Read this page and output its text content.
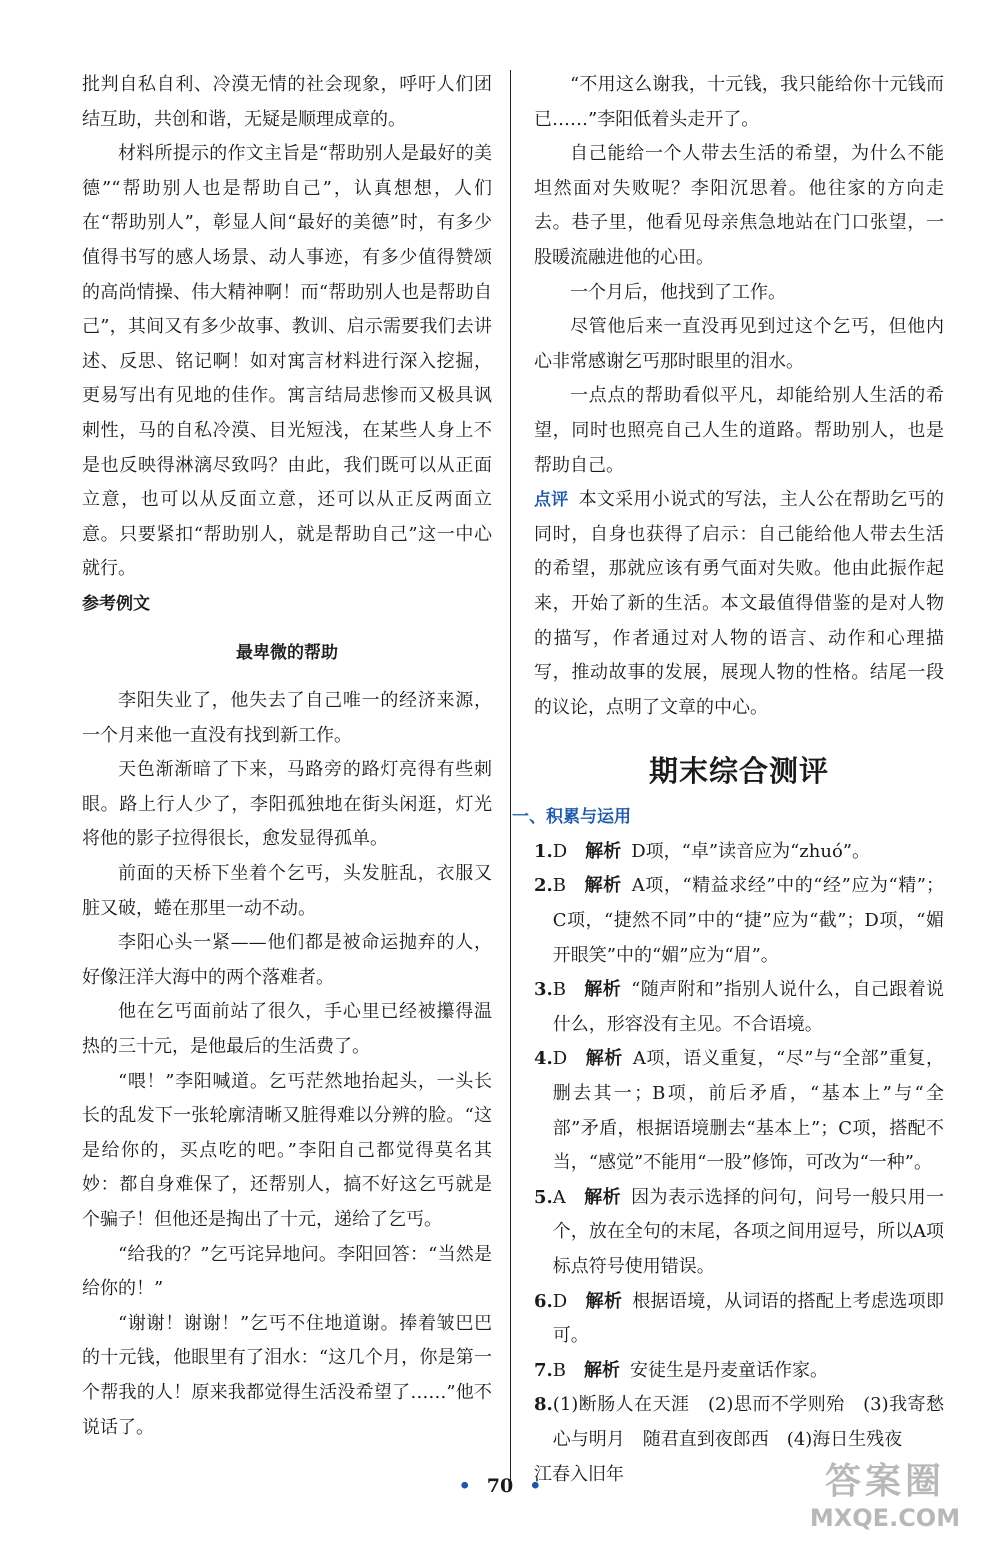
批判自私自利、冷漠无情的社会现象，呼吁人们团结互助，共创和谐，无疑是顺理成章的。

材料所提示的作文主旨是“帮助别人是最好的美德”“帮助别人也是帮助自己”，认真想想，人们在“帮助别人”，彰显人间“最好的美德”时，有多少值得书写的感人场景、动人事迹，有多少值得赞颂的高尚情操、伟大精神啊！而“帮助别人也是帮助自己”，其间又有多少故事、教训、启示需要我们去讲述、反思、铭记啊！如对寓言材料进行深入挖掘，更易写出有见地的佳作。寓言结局悲惨而又极具讽刺性，马的自私冷漠、目光短浅，在某些人身上不是也反映得淋漓尽致吗？由此，我们既可以从正面立意，也可以从反面立意，还可以从正反两面立意。只要紧扣“帮助别人，就是帮助自己”这一中心就行。

参考例文
最卑微的帮助

李阳失业了，他失去了自己唯一的经济来源，一个月来他一直没有找到新工作。

天色渐渐暗了下来，马路旁的路灯亮得有些刺眼。路上行人少了，李阳孤独地在街头闲逛，灯光将他的影子拉得很长，愈发显得孤单。

前面的天桥下坐着个乞丐，头发脏乱，衣服又脏又破，蜷在那里一动不动。

李阳心头一紧——他们都是被命运抛弃的人，好像汪洋大海中的两个落难者。

他在乞丐面前站了很久，手心里已经被攥得温热的三十元，是他最后的生活费了。

“喂！”李阳喊道。乞丐茫然地抬起头，一头长长的乱发下一张轮廓清晰又脏得难以分辨的脸。“这是给你的，买点吃的吧。”李阳自己都觉得莫名其妙：都自身难保了，还帮别人，搞不好这乞丐就是个骗子！但他还是掏出了十元，递给了乞丐。

“给我的？”乞丐诧异地问。李阳回答：“当然是给你的！”

“谢谢！谢谢！”乞丐不住地道谢。捧着皱巴巴的十元钱，他眼里有了泪水：“这几个月，你是第一个帮我的人！原来我都觉得生活没希望了……”他不说话了。

“不用这么谢我，十元钱，我只能给你十元钱而已……”李阳低着头走开了。

自己能给一个人带去生活的希望，为什么不能坦然面对失败呢？李阳沉思着。他往家的方向走去。巷子里，他看见母亲焦急地站在门口张望，一股暖流融进他的心田。

一个月后，他找到了工作。

尽管他后来一直没再见到过这个乞丐，但他内心非常感谢乞丐那时眼里的泪水。

一点点的帮助看似平凡，却能给别人生活的希望，同时也照亮自己人生的道路。帮助别人，也是帮助自己。

点评 本文采用小说式的写法，主人公在帮助乞丐的同时，自身也获得了启示：自己能给他人带去生活的希望，那就应该有勇气面对失败。他由此振作起来，开始了新的生活。本文最值得借鉴的是对人物的描写，作者通过对人物的语言、动作和心理描写，推动故事的发展，展现人物的性格。结尾一段的议论，点明了文章的中心。

期末综合测评
一、积累与运用
1. D 解析 D项，“卓”读音应为“zhuó”。
2. B 解析 A项，“精益求经”中的“经”应为“精”；C项，“捷然不同”中的“捷”应为“截”；D项，“媚开眼笑”中的“媚”应为“眉”。
3. B 解析 “随声附和”指别人说什么，自己跟着说什么，形容没有主见。不合语境。
4. D 解析 A项，语义重复，“尽”与“全部”重复，删去其一；B项，前后矛盾，“基本上”与“全部”矛盾，根据语境删去“基本上”；C项，搭配不当，“感觉”不能用“一股”修饰，可改为“一种”。
5. A 解析 因为表示选择的问句，问号一般只用一个，放在全句的末尾，各项之间用逗号，所以A项标点符号使用错误。
6. D 解析 根据语境，从词语的搭配上考虑选项即可。
7. B 解析 安徒生是丹麦童话作家。
8. (1)断肠人在天涯　(2)思而不学则殆　(3)我寄愁心与明月　随君直到夜郎西　(4)海日生残夜

江春入旧年

• 70 •	答案圈
MXQE.COM
